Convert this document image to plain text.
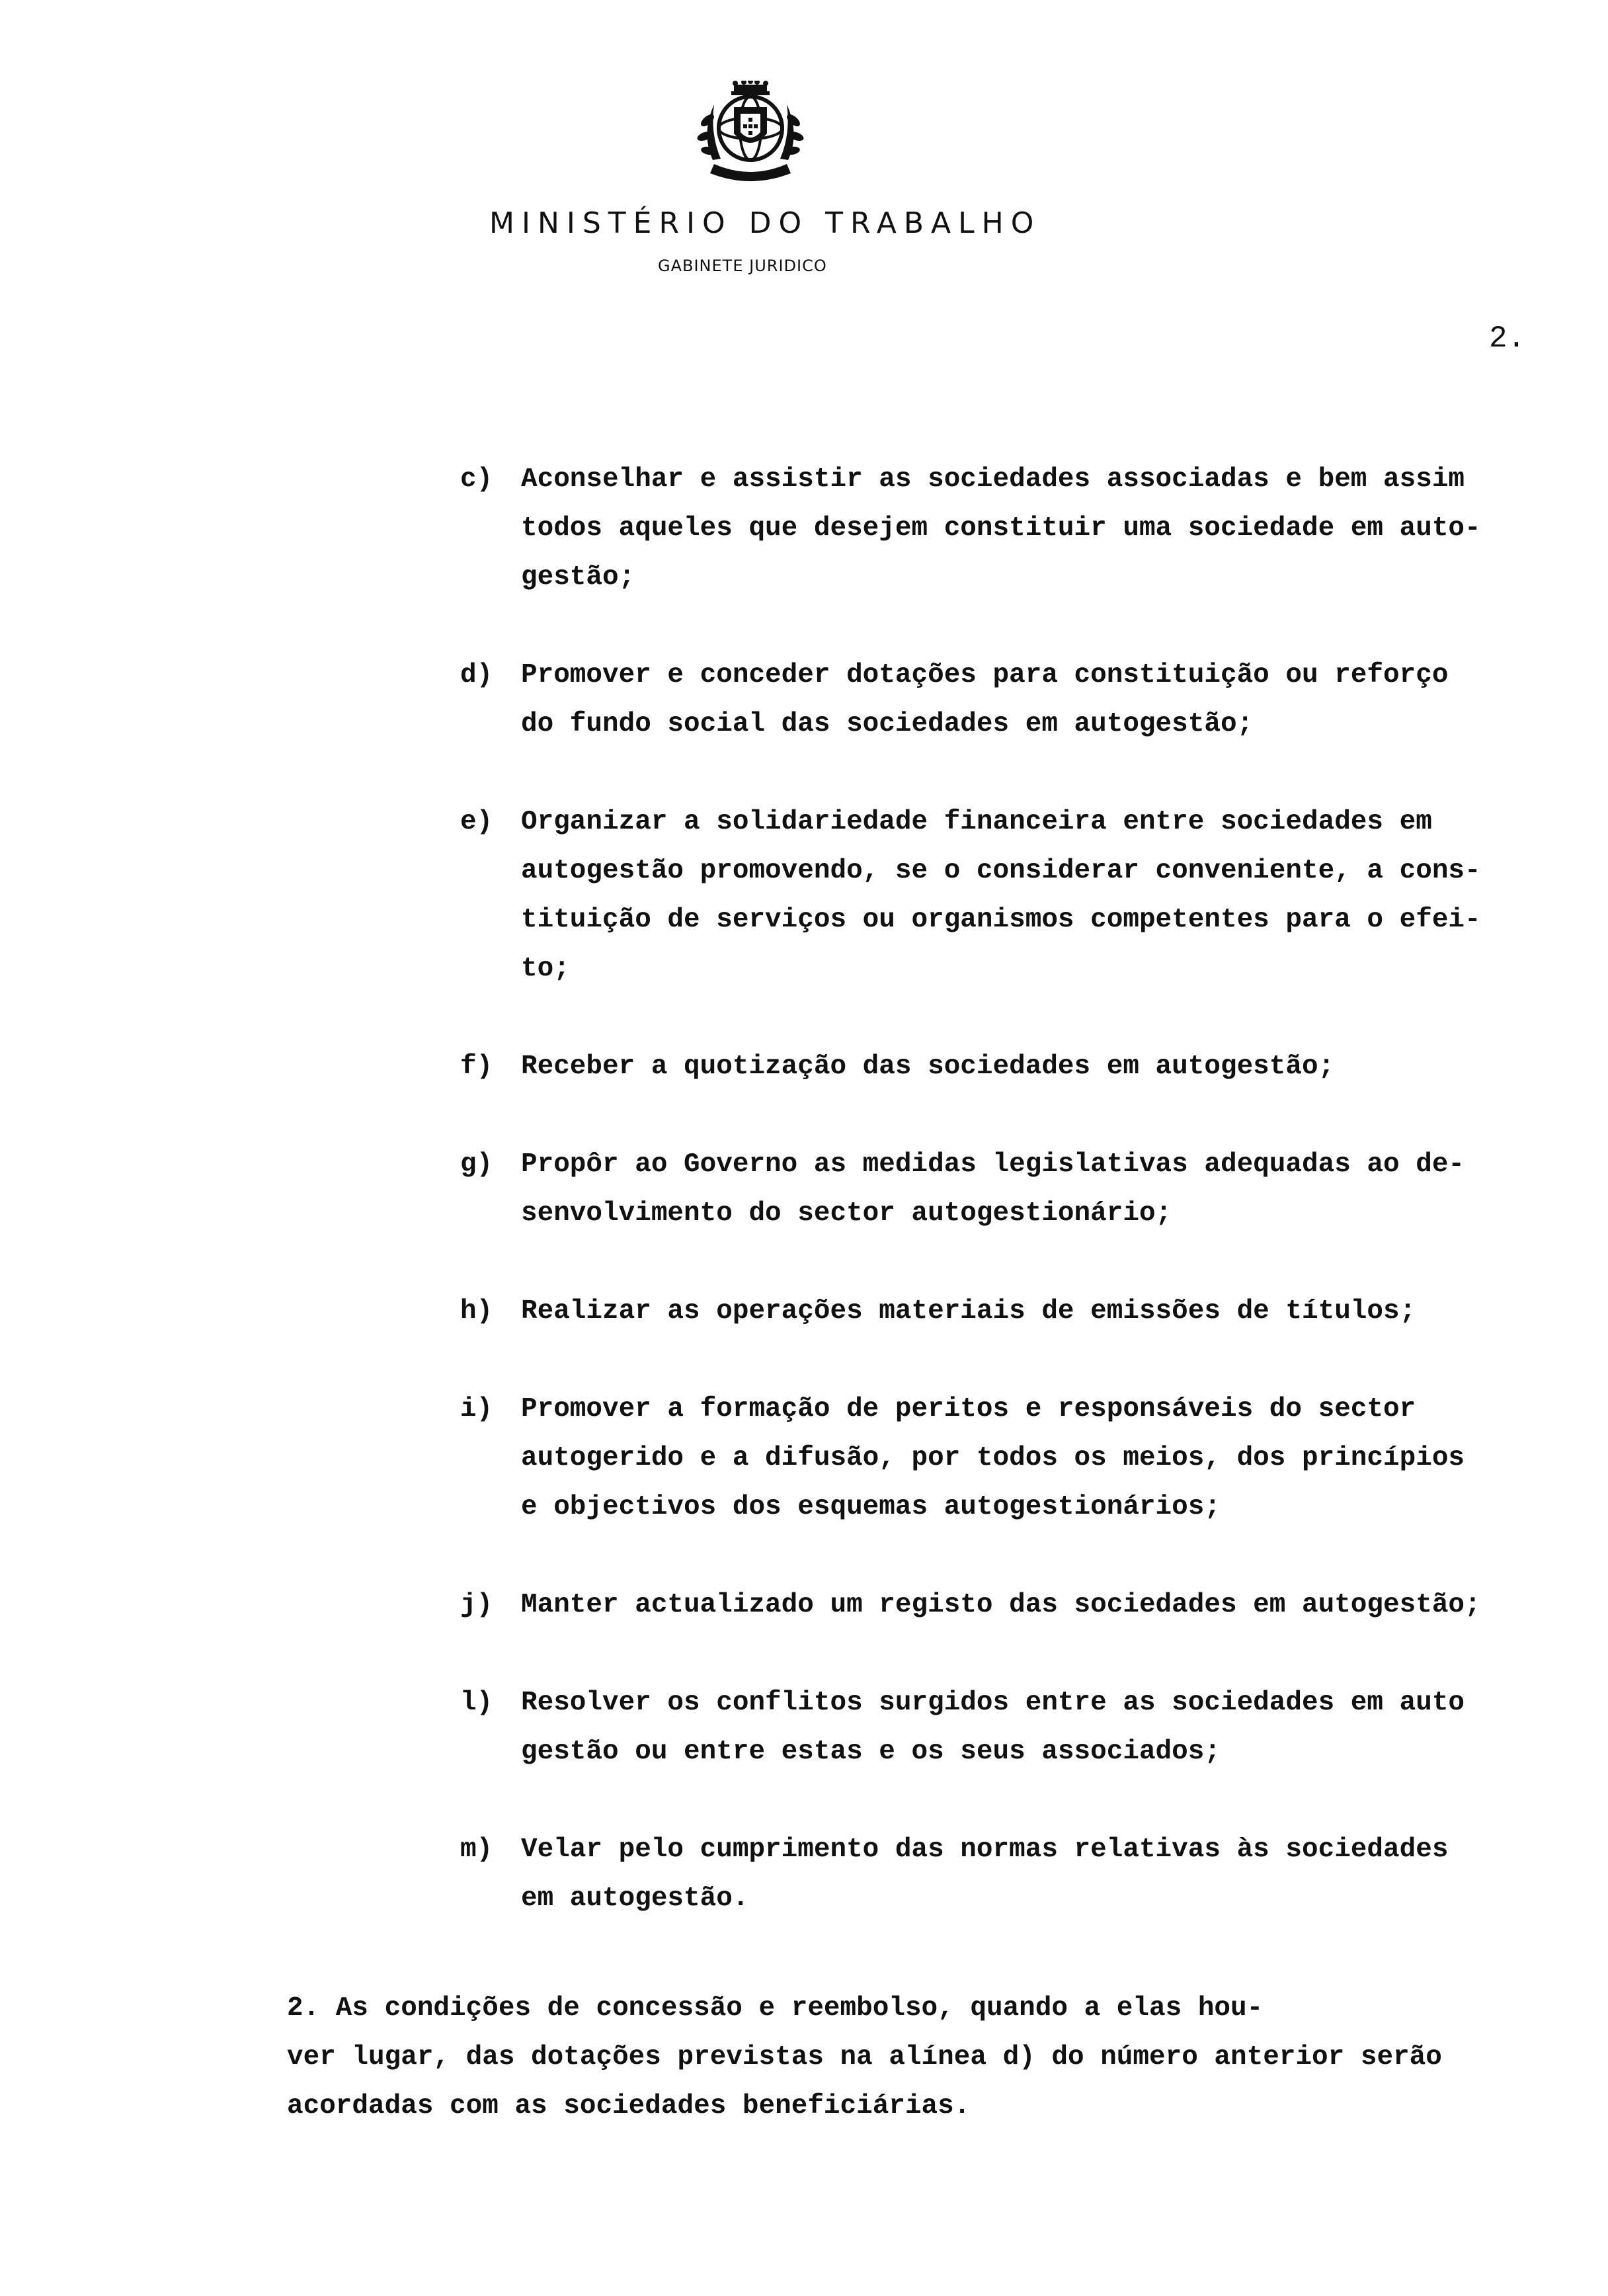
MINISTÉRIO DO TRABALHO
GABINETE JURIDICO
2.
c)	Aconselhar e assistir as sociedades associadas e bem assim
todos aqueles que desejem constituir uma sociedade em auto-
gestão;
d)	Promover e conceder dotações para constituição ou reforço
do fundo social das sociedades em autogestão;
e)	Organizar a solidariedade financeira entre sociedades em
autogestão promovendo, se o considerar conveniente, a cons-
tituição de serviços ou organismos competentes para o efei-
to;
f)	Receber a quotização das sociedades em autogestão;
g)	Propôr ao Governo as medidas legislativas adequadas ao de-
senvolvimento do sector autogestionário;
h)	Realizar as operações materiais de emissões de títulos;
i)	Promover a formação de peritos e responsáveis do sector
autogerido e a difusão, por todos os meios, dos princípios
e objectivos dos esquemas autogestionários;
j)	Manter actualizado um registo das sociedades em autogestão;
l)	Resolver os conflitos surgidos entre as sociedades em auto
gestão ou entre estas e os seus associados;
m)	Velar pelo cumprimento das normas relativas às sociedades
em autogestão.

2. As condições de concessão e reembolso, quando a elas hou-
ver lugar, das dotações previstas na alínea d) do número anterior serão
acordadas com as sociedades beneficiárias.
